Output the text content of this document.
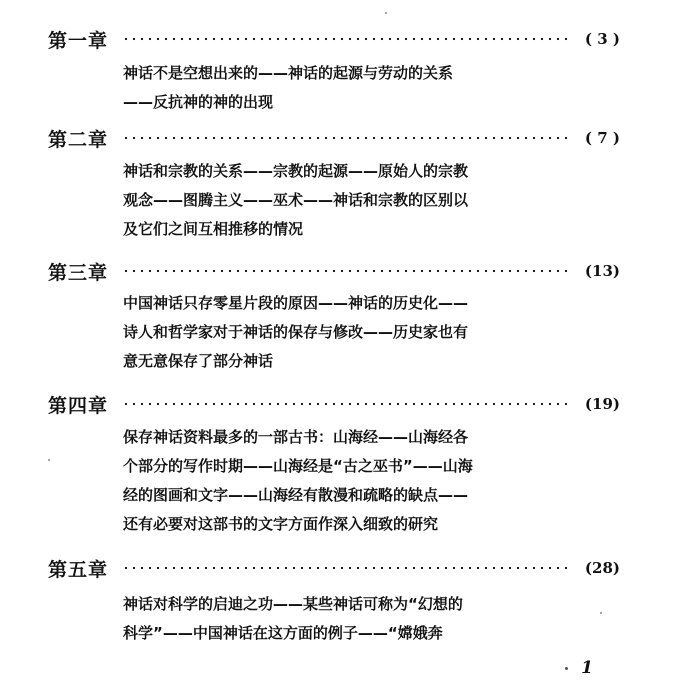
第一章	( 3 )
神话不是空想出来的——神话的起源与劳动的关系
——反抗神的神的出现
第二章	( 7 )
神话和宗教的关系——宗教的起源——原始人的宗教
观念——图腾主义——巫术——神话和宗教的区别以
及它们之间互相推移的情况
第三章	(13)
中国神话只存零星片段的原因——神话的历史化——
诗人和哲学家对于神话的保存与修改——历史家也有
意无意保存了部分神话
第四章	(19)
保存神话资料最多的一部古书：山海经——山海经各
个部分的写作时期——山海经是“古之巫书”——山海
经的图画和文字——山海经有散漫和疏略的缺点——
还有必要对这部书的文字方面作深入细致的研究
第五章	(28)
神话对科学的启迪之功——某些神话可称为“幻想的
科学”——中国神话在这方面的例子——“嫦娥奔
1
